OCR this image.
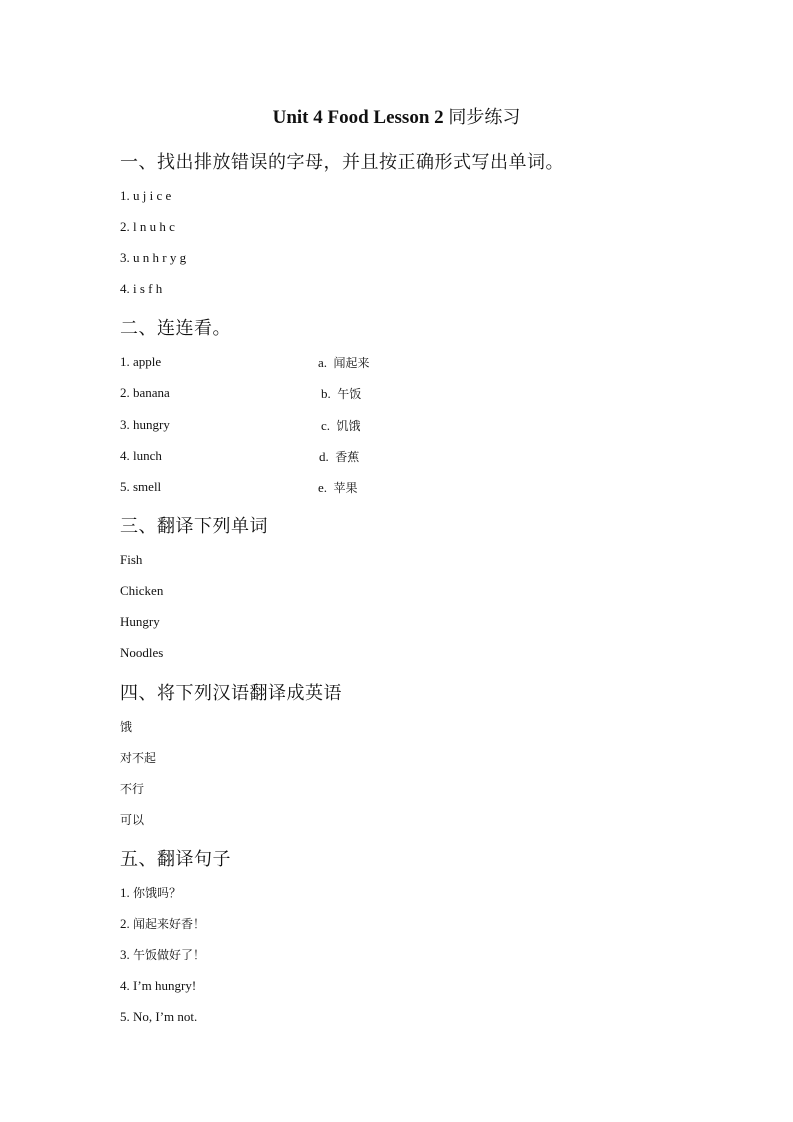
Unit 4 Food Lesson 2 同步练习
一、找出排放错误的字母，并且按正确形式写出单词。
1. u j i c e
2. l n u h c
3. u n h r y g
4. i s f h
二、连连看。
1. apple
2. banana
3. hungry
4. lunch
5. smell
a. 闻起来
b. 午饭
c. 饥饿
d. 香蕉
e. 苹果
三、翻译下列单词
Fish
Chicken
Hungry
Noodles
四、将下列汉语翻译成英语
饿
对不起
不行
可以
五、翻译句子
1. 你饿吗？
2. 闻起来好香！
3. 午饭做好了！
4. I’m hungry!
5. No, I’m not.
